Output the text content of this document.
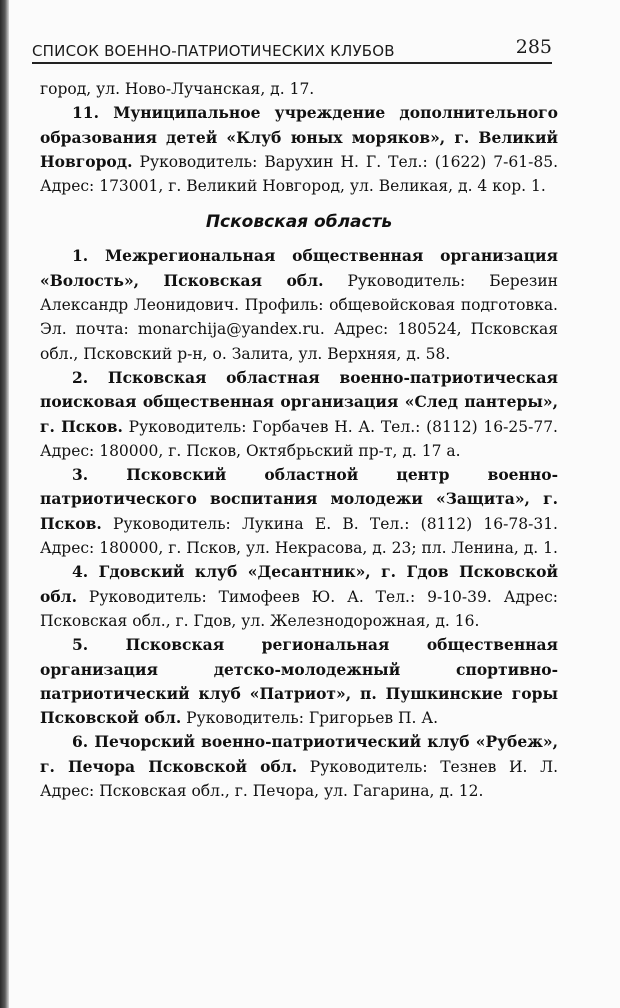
СПИСОК ВОЕННО-ПАТРИОТИЧЕСКИХ КЛУБОВ	285

город, ул. Ново-Лучанская, д. 17.

11. Муниципальное учреждение дополнительного образования детей «Клуб юных моряков», г. Великий Новгород. Руководитель: Варухин Н. Г. Тел.: (1622) 7-61-85. Адрес: 173001, г. Великий Новгород, ул. Великая, д. 4 кор. 1.

Псковская область

1. Межрегиональная общественная организация «Волость», Псковская обл. Руководитель: Березин Александр Леонидович. Профиль: общевойсковая подготовка. Эл. почта: monarchija@yandex.ru. Адрес: 180524, Псковская обл., Псковский р-н, о. Залита, ул. Верхняя, д. 58.

2. Псковская областная военно-патриотическая поисковая общественная организация «След пантеры», г. Псков. Руководитель: Горбачев Н. А. Тел.: (8112) 16-25-77. Адрес: 180000, г. Псков, Октябрьский пр-т, д. 17 а.

3. Псковский областной центр военно-патриотического воспитания молодежи «Защита», г. Псков. Руководитель: Лукина Е. В. Тел.: (8112) 16-78-31. Адрес: 180000, г. Псков, ул. Некрасова, д. 23; пл. Ленина, д. 1.

4. Гдовский клуб «Десантник», г. Гдов Псковской обл. Руководитель: Тимофеев Ю. А. Тел.: 9-10-39. Адрес: Псковская обл., г. Гдов, ул. Железнодорожная, д. 16.

5. Псковская региональная общественная организация детско-молодежный спортивно-патриотический клуб «Патриот», п. Пушкинские горы Псковской обл. Руководитель: Григорьев П. А.

6. Печорский военно-патриотический клуб «Рубеж», г. Печора Псковской обл. Руководитель: Тезнев И. Л. Адрес: Псковская обл., г. Печора, ул. Гагарина, д. 12.
